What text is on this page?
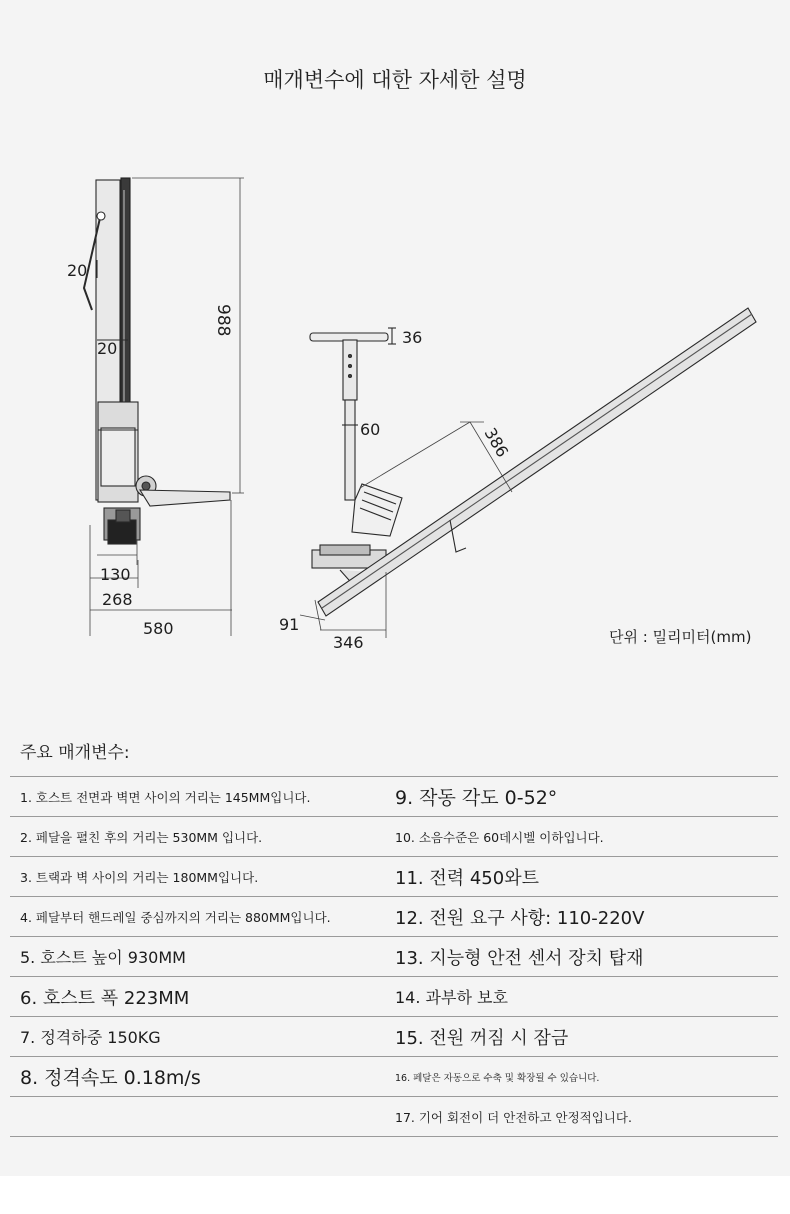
매개변수에 대한 자세한 설명
20
20
988
130
268
580
36
60	386
91
346	단위 : 밀리미터(mm)
주요 매개변수:
1. 호스트 전면과 벽면 사이의 거리는 145MM입니다.	9. 작동 각도 0-52°
2. 페달을 펼친 후의 거리는 530MM 입니다.	10. 소음수준은 60데시벨 이하입니다.
3. 트랙과 벽 사이의 거리는 180MM입니다.	11. 전력 450와트
4. 페달부터 핸드레일 중심까지의 거리는 880MM입니다.	12. 전원 요구 사항: 110-220V
5. 호스트 높이 930MM	13. 지능형 안전 센서 장치 탑재
6. 호스트 폭 223MM	14. 과부하 보호
7. 정격하중 150KG	15. 전원 꺼짐 시 잠금
8. 정격속도 0.18m/s	16. 페달은 자동으로 수축 및 확장될 수 있습니다.
	17. 기어 회전이 더 안전하고 안정적입니다.
